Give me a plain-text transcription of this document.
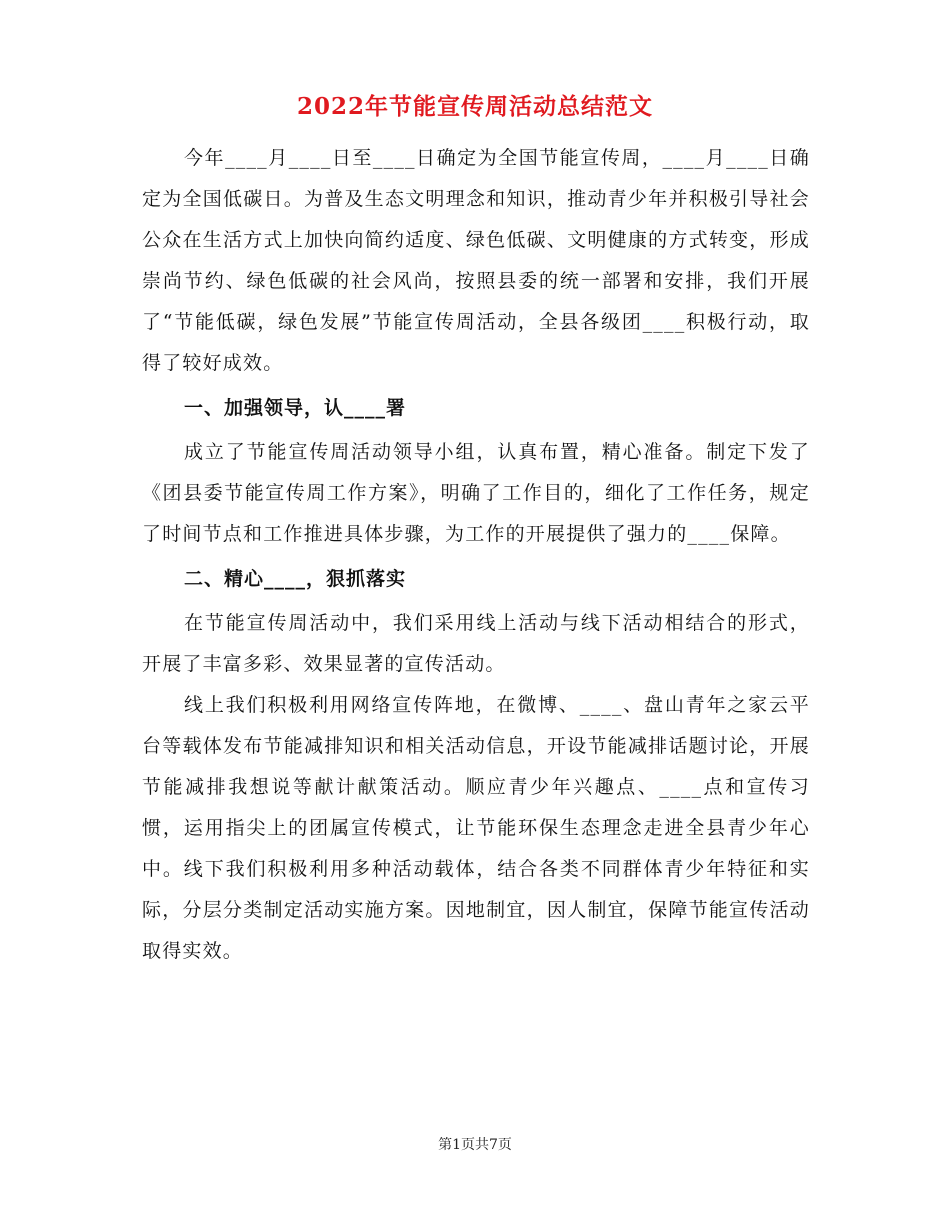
2022年节能宣传周活动总结范文

今年____月____日至____日确定为全国节能宣传周，____月____日确定为全国低碳日。为普及生态文明理念和知识，推动青少年并积极引导社会公众在生活方式上加快向简约适度、绿色低碳、文明健康的方式转变，形成崇尚节约、绿色低碳的社会风尚，按照县委的统一部署和安排，我们开展了“节能低碳，绿色发展”节能宣传周活动，全县各级团____积极行动，取得了较好成效。

一、加强领导，认____署

成立了节能宣传周活动领导小组，认真布置，精心准备。制定下发了《团县委节能宣传周工作方案》，明确了工作目的，细化了工作任务，规定了时间节点和工作推进具体步骤，为工作的开展提供了强力的____保障。

二、精心____，狠抓落实

在节能宣传周活动中，我们采用线上活动与线下活动相结合的形式，开展了丰富多彩、效果显著的宣传活动。

线上我们积极利用网络宣传阵地，在微博、____、盘山青年之家云平台等载体发布节能减排知识和相关活动信息，开设节能减排话题讨论，开展节能减排我想说等献计献策活动。顺应青少年兴趣点、____点和宣传习惯，运用指尖上的团属宣传模式，让节能环保生态理念走进全县青少年心中。线下我们积极利用多种活动载体，结合各类不同群体青少年特征和实际，分层分类制定活动实施方案。因地制宜，因人制宜，保障节能宣传活动取得实效。

第1页共7页
